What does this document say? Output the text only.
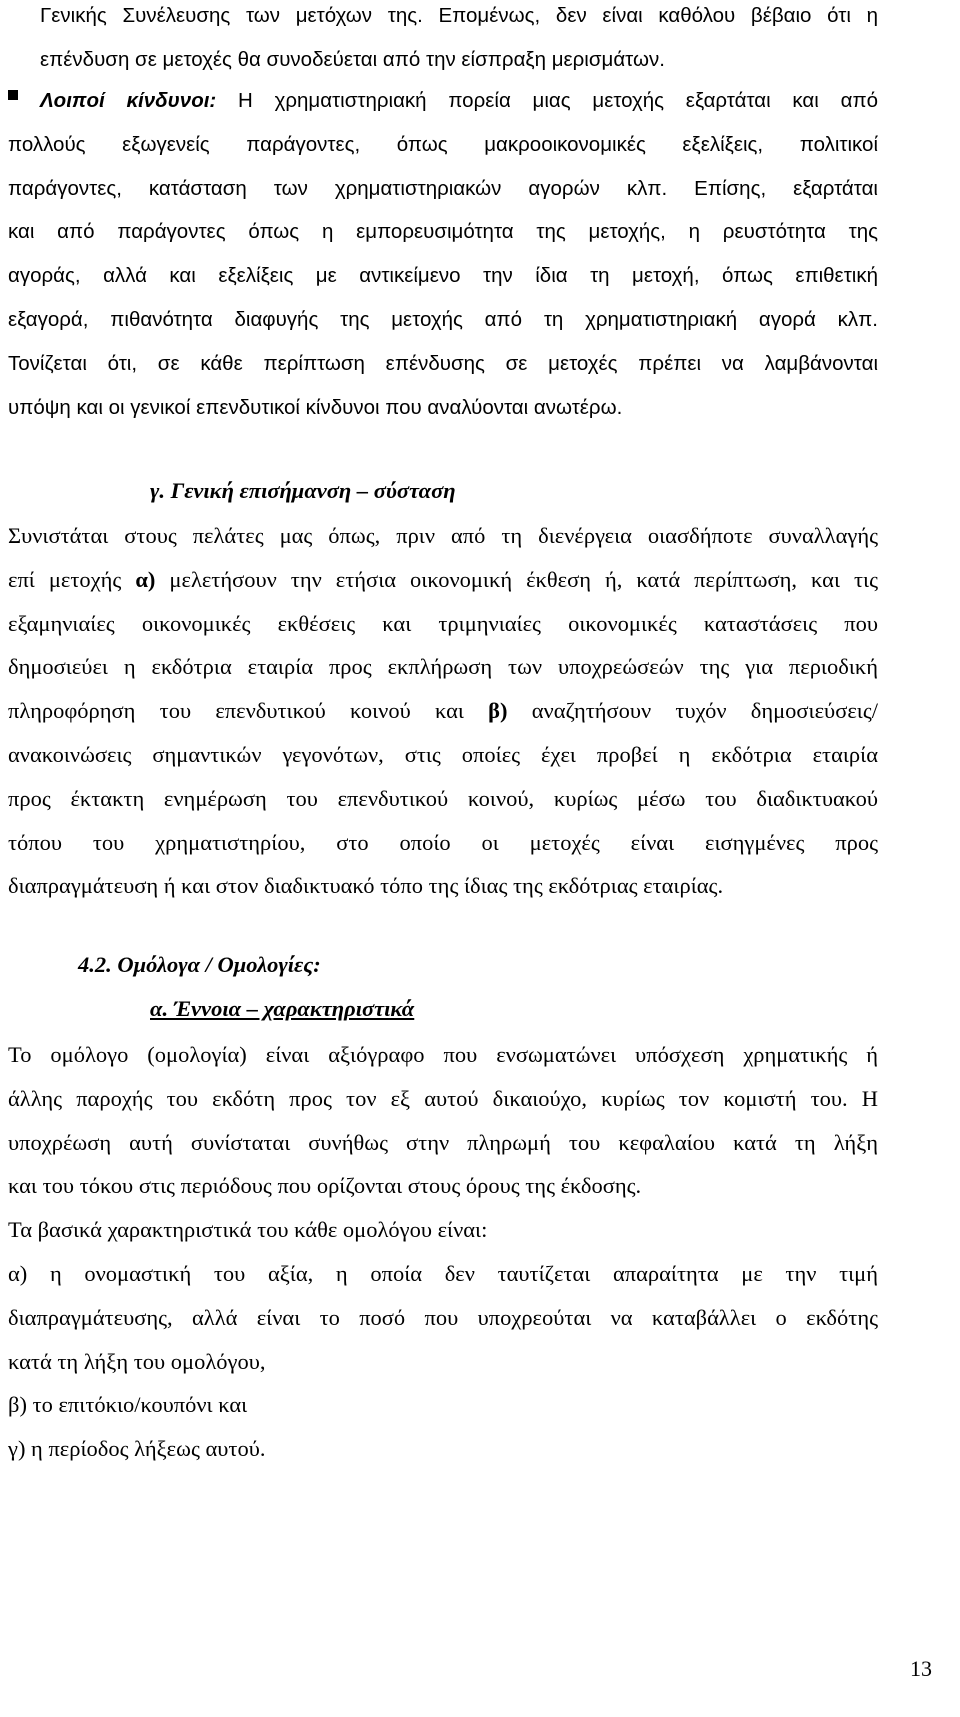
Γενικής Συνέλευσης των μετόχων της. Επομένως, δεν είναι καθόλου βέβαιο ότι η
επένδυση σε μετοχές θα συνοδεύεται από την είσπραξη μερισμάτων.
Λοιποί κίνδυνοι: Η χρηματιστηριακή πορεία μιας μετοχής εξαρτάται και από
πολλούς εξωγενείς παράγοντες, όπως μακροοικονομικές εξελίξεις, πολιτικοί
παράγοντες, κατάσταση των χρηματιστηριακών αγορών κλπ. Επίσης, εξαρτάται
και από παράγοντες όπως η εμπορευσιμότητα της μετοχής, η ρευστότητα της
αγοράς, αλλά και εξελίξεις με αντικείμενο την ίδια τη μετοχή, όπως επιθετική
εξαγορά, πιθανότητα διαφυγής της μετοχής από τη χρηματιστηριακή αγορά κλπ.
Τονίζεται ότι, σε κάθε περίπτωση επένδυσης σε μετοχές πρέπει να λαμβάνονται
υπόψη και οι γενικοί επενδυτικοί κίνδυνοι που αναλύονται ανωτέρω.
γ. Γενική επισήμανση – σύσταση
Συνιστάται στους πελάτες μας όπως, πριν από τη διενέργεια οιασδήποτε συναλλαγής
επί μετοχής α) μελετήσουν την ετήσια οικονομική έκθεση ή, κατά περίπτωση, και τις
εξαμηνιαίες οικονομικές εκθέσεις και τριμηνιαίες οικονομικές καταστάσεις που
δημοσιεύει η εκδότρια εταιρία προς εκπλήρωση των υποχρεώσεών της για περιοδική
πληροφόρηση του επενδυτικού κοινού και β) αναζητήσουν τυχόν δημοσιεύσεις/
ανακοινώσεις σημαντικών γεγονότων, στις οποίες έχει προβεί η εκδότρια εταιρία
προς έκτακτη ενημέρωση του επενδυτικού κοινού, κυρίως μέσω του διαδικτυακού
τόπου του χρηματιστηρίου, στο οποίο οι μετοχές είναι εισηγμένες προς
διαπραγμάτευση ή και στον διαδικτυακό τόπο της ίδιας της εκδότριας εταιρίας.
4.2. Ομόλογα / Ομολογίες:
α. Έννοια – χαρακτηριστικά
Το ομόλογο (ομολογία) είναι αξιόγραφο που ενσωματώνει υπόσχεση χρηματικής ή
άλλης παροχής του εκδότη προς τον εξ αυτού δικαιούχο, κυρίως τον κομιστή του. Η
υποχρέωση αυτή συνίσταται συνήθως στην πληρωμή του κεφαλαίου κατά τη λήξη
και του τόκου στις περιόδους που ορίζονται στους όρους της έκδοσης.
Τα βασικά χαρακτηριστικά του κάθε ομολόγου είναι:
α) η ονομαστική του αξία, η οποία δεν ταυτίζεται απαραίτητα με την τιμή
διαπραγμάτευσης, αλλά είναι το ποσό που υποχρεούται να καταβάλλει ο εκδότης
κατά τη λήξη του ομολόγου,
β) το επιτόκιο/κουπόνι και
γ) η περίοδος λήξεως αυτού.
13
